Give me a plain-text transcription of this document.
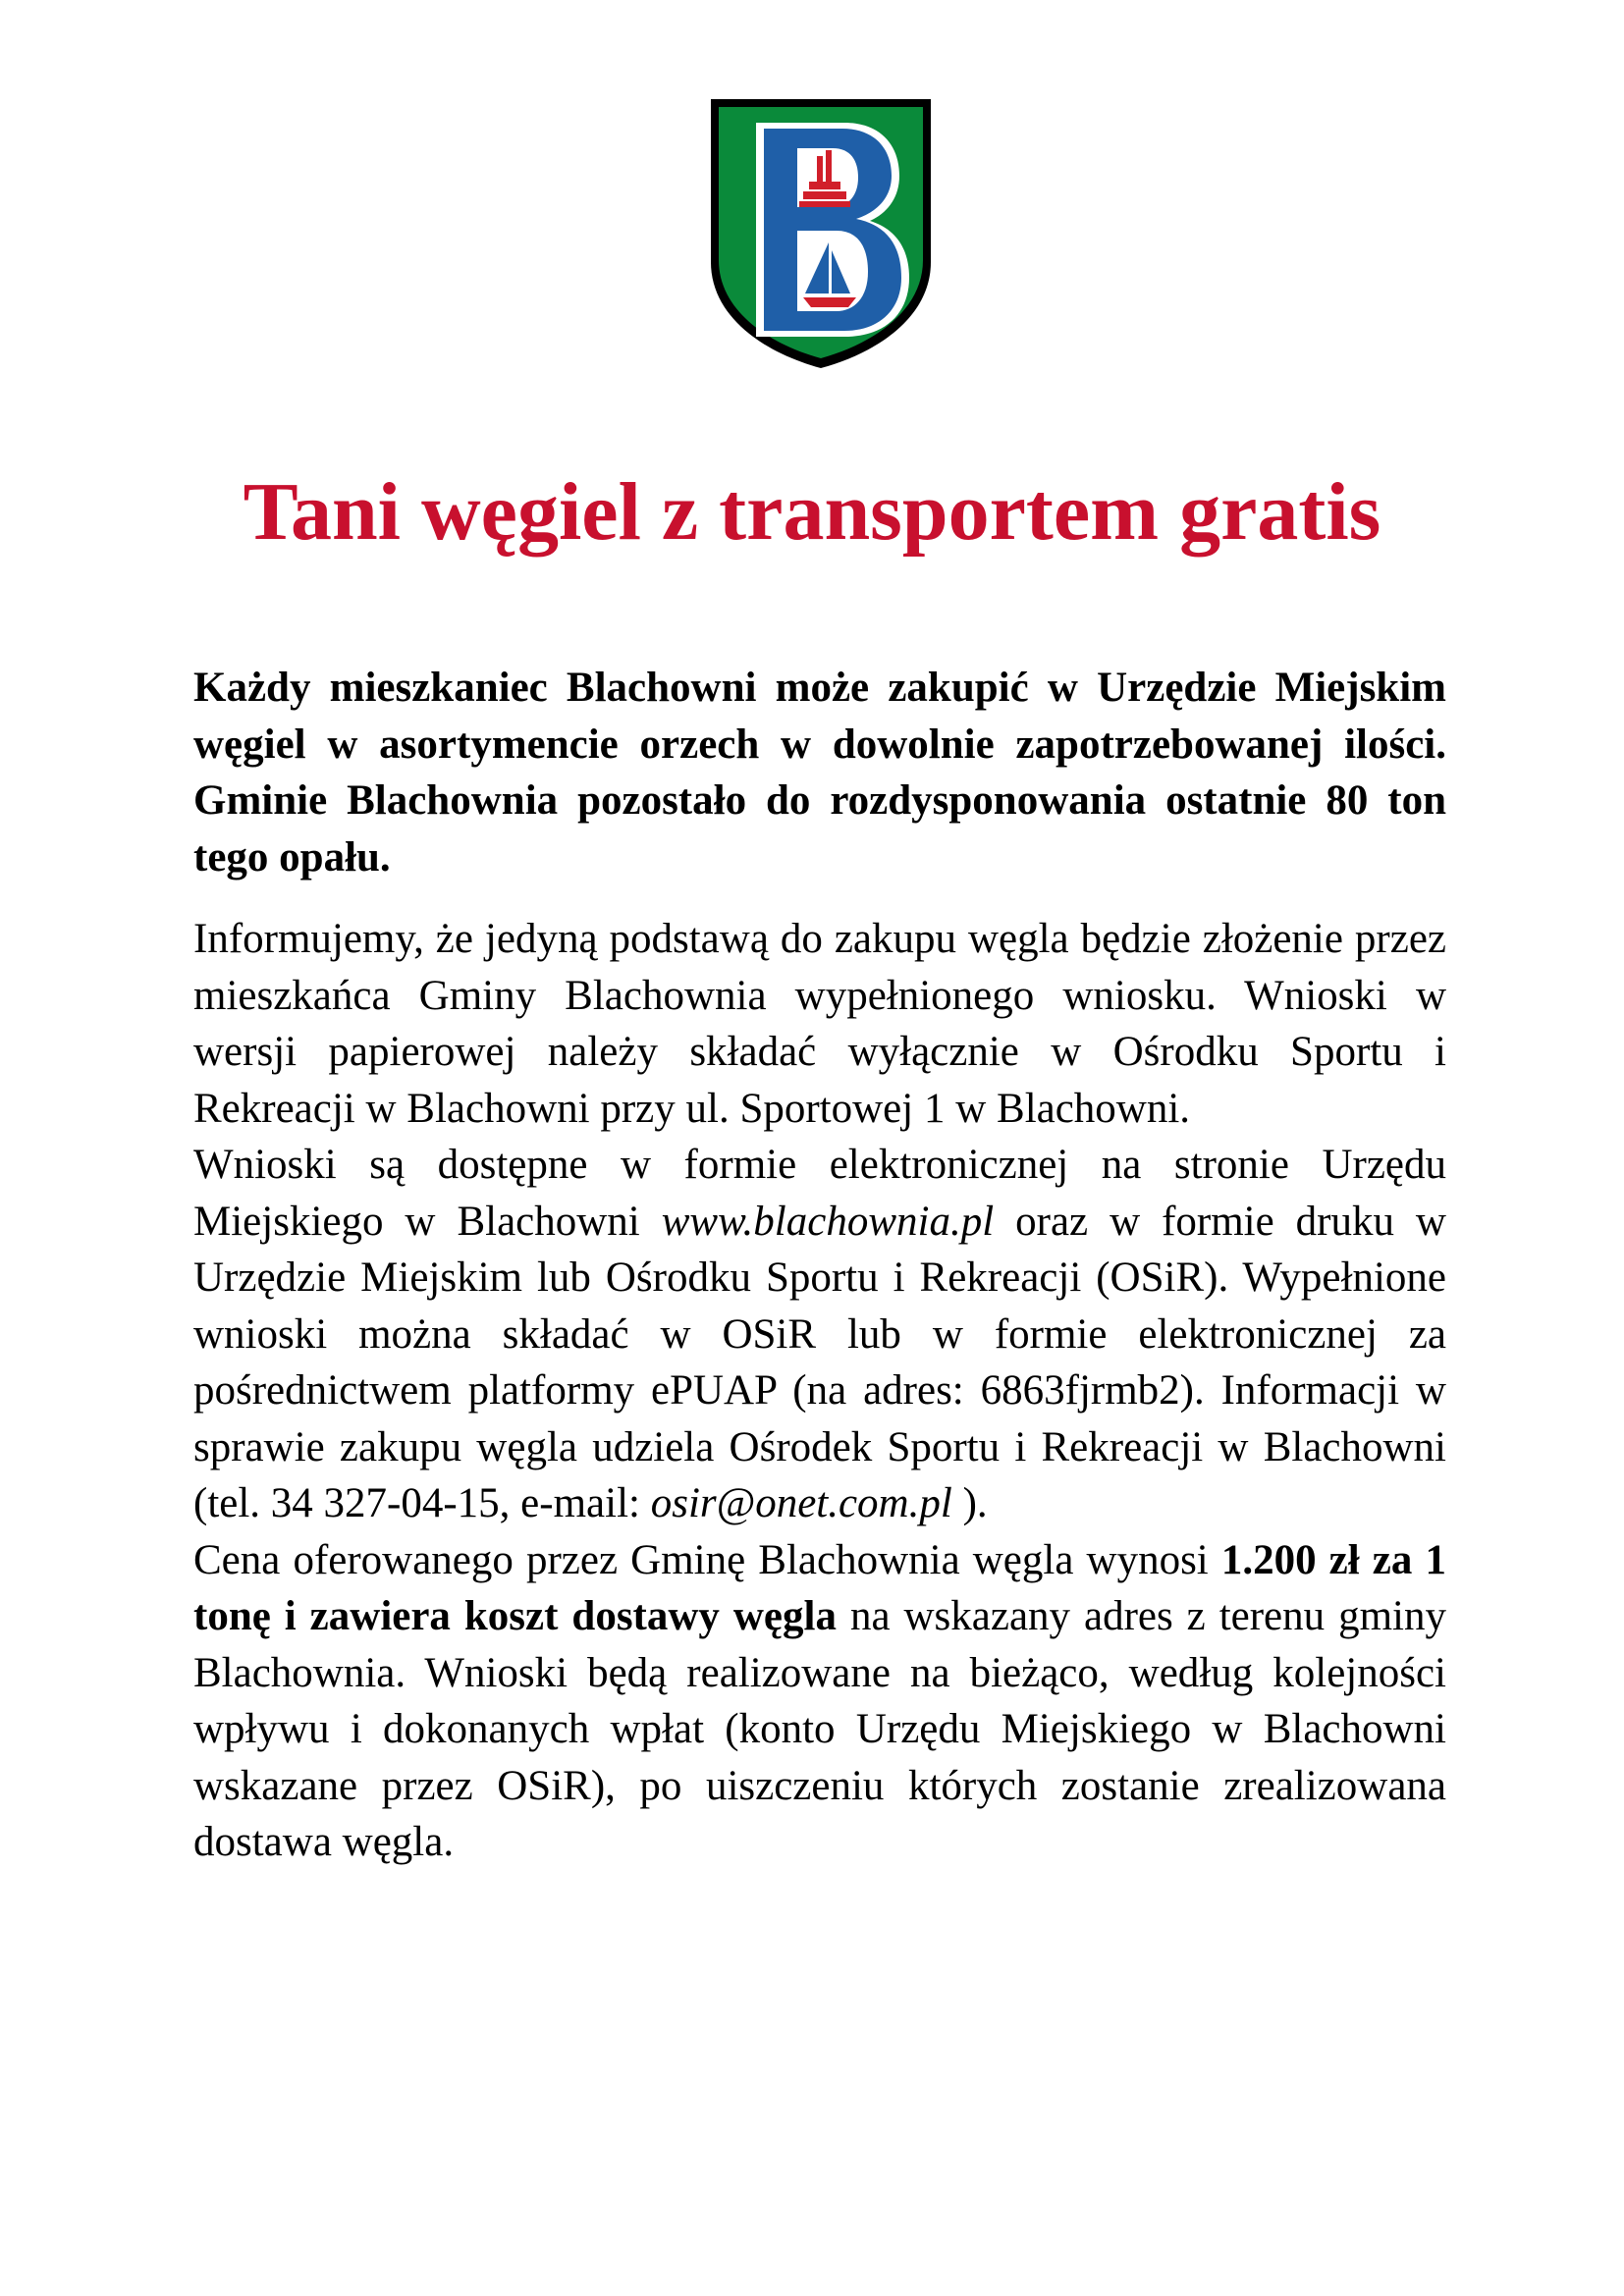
Tani węgiel z transportem gratis

Każdy mieszkaniec Blachowni może zakupić w Urzędzie Miejskim węgiel w asortymencie orzech w dowolnie zapotrzebowanej ilości. Gminie Blachownia pozostało do rozdysponowania ostatnie 80 ton tego opału.

Informujemy, że jedyną podstawą do zakupu węgla będzie złożenie przez mieszkańca Gminy Blachownia wypełnionego wniosku. Wnioski w wersji papierowej należy składać wyłącznie w Ośrodku Sportu i Rekreacji w Blachowni przy ul. Sportowej 1 w Blachowni.

Wnioski są dostępne w formie elektronicznej na stronie Urzędu Miejskiego w Blachowni www.blachownia.pl oraz w formie druku w Urzędzie Miejskim lub Ośrodku Sportu i Rekreacji (OSiR). Wypełnione wnioski można składać w OSiR lub w formie elektronicznej za pośrednictwem platformy ePUAP (na adres: 6863fjrmb2). Informacji w sprawie zakupu węgla udziela Ośrodek Sportu i Rekreacji w Blachowni (tel. 34 327-04-15, e-mail: osir@onet.com.pl ).

Cena oferowanego przez Gminę Blachownia węgla wynosi 1.200 zł za 1 tonę i zawiera koszt dostawy węgla na wskazany adres z terenu gminy Blachownia. Wnioski będą realizowane na bieżąco, według kolejności wpływu i dokonanych wpłat (konto Urzędu Miejskiego w Blachowni wskazane przez OSiR), po uiszczeniu których zostanie zrealizowana dostawa węgla.
